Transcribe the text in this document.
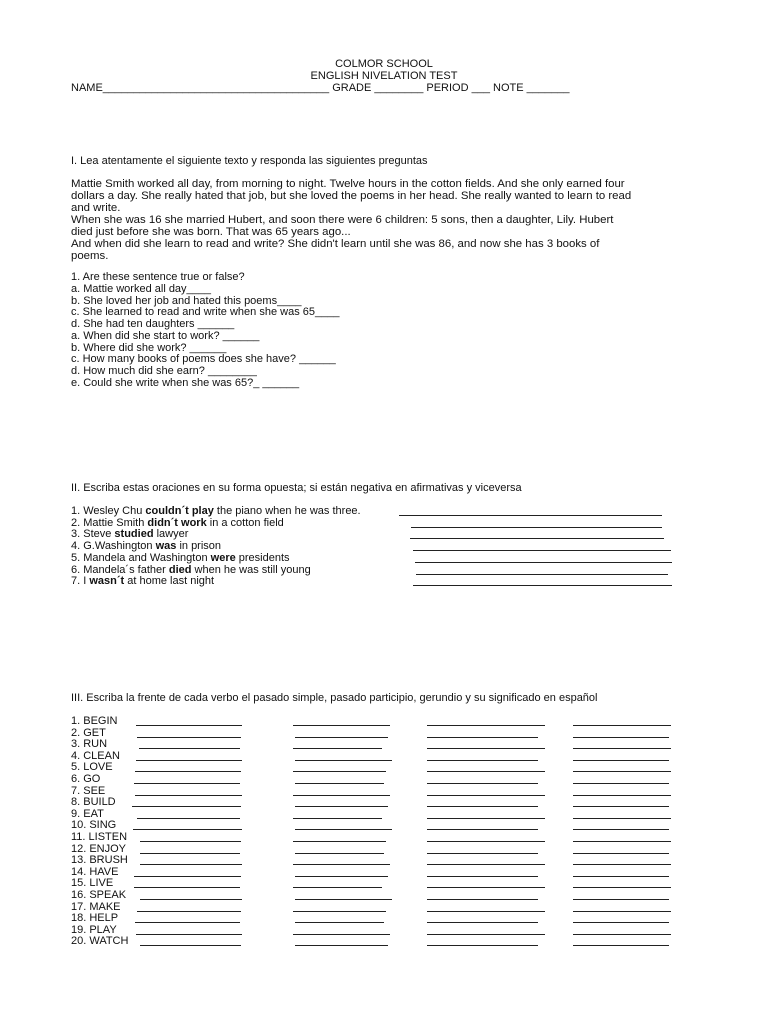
COLMOR SCHOOL
ENGLISH NIVELATION TEST
NAME_____________________________________ GRADE ________ PERIOD ___ NOTE _______
I. Lea atentamente el siguiente texto y responda las siguientes preguntas
Mattie Smith worked all day, from morning to night. Twelve hours in the cotton fields. And she only earned four
dollars a day. She really hated that job, but she loved the poems in her head. She really wanted to learn to read
and write.
When she was 16 she married Hubert, and soon there were 6 children: 5 sons, then a daughter, Lily. Hubert
died just before she was born. That was 65 years ago...
And when did she learn to read and write? She didn't learn until she was 86, and now she has 3 books of
poems.
1. Are these sentence true or false?
a. Mattie worked all day____
b. She loved her job and hated this poems____
c. She learned to read and write when she was 65____
d. She had ten daughters ______
a. When did she start to work? ______
b. Where did she work? ______
c. How many books of poems does she have? ______
d. How much did she earn? ________
e. Could she write when she was 65?_ ______
II. Escriba estas oraciones en su forma opuesta; si están negativa en afirmativas y viceversa
1. Wesley Chu couldn´t play the piano when he was three.
2. Mattie Smith didn´t work in a cotton field
3. Steve studied lawyer
4. G.Washington was in prison
5. Mandela and Washington were presidents
6. Mandela´s father died when he was still young
7. I wasn´t at home last night
III. Escriba la frente de cada verbo el pasado simple, pasado participio, gerundio y su significado en español
1. BEGIN
2. GET
3. RUN
4. CLEAN
5. LOVE
6. GO
7. SEE
8. BUILD
9. EAT
10. SING
11. LISTEN
12. ENJOY
13. BRUSH
14. HAVE
15. LIVE
16. SPEAK
17. MAKE
18. HELP
19. PLAY
20. WATCH
